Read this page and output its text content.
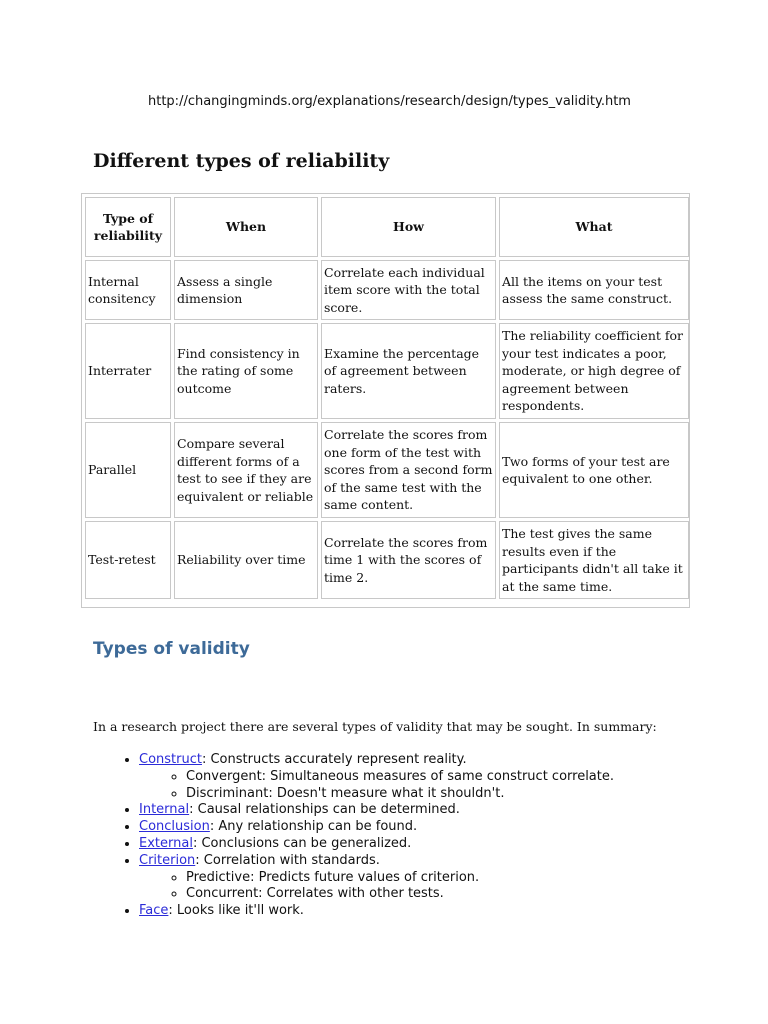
http://changingminds.org/explanations/research/design/types_validity.htm
Different types of reliability
Type of reliability	When	How	What
Internal consitency	Assess a single dimension	Correlate each individual item score with the total score.	All the items on your test assess the same construct.
Interrater	Find consistency in the rating of some outcome	Examine the percentage of agreement between raters.	The reliability coefficient for your test indicates a poor, moderate, or high degree of agreement between respondents.
Parallel	Compare several different forms of a test to see if they are equivalent or reliable	Correlate the scores from one form of the test with scores from a second form of the same test with the same content.	Two forms of your test are equivalent to one other.
Test-retest	Reliability over time	Correlate the scores from time 1 with the scores of time 2.	The test gives the same results even if the participants didn't all take it at the same time.
Types of validity
In a research project there are several types of validity that may be sought. In summary:
• Construct: Constructs accurately represent reality.
◦ Convergent: Simultaneous measures of same construct correlate.
◦ Discriminant: Doesn't measure what it shouldn't.
• Internal: Causal relationships can be determined.
• Conclusion: Any relationship can be found.
• External: Conclusions can be generalized.
• Criterion: Correlation with standards.
◦ Predictive: Predicts future values of criterion.
◦ Concurrent: Correlates with other tests.
• Face: Looks like it'll work.
